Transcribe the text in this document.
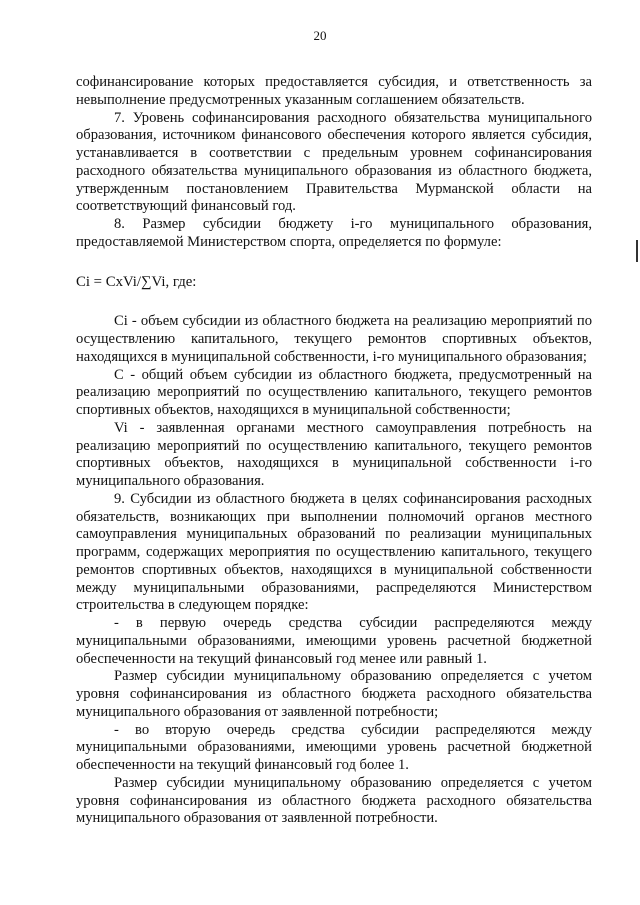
20

софинансирование которых предоставляется субсидия, и ответственность за невыполнение предусмотренных указанным соглашением обязательств.

7. Уровень софинансирования расходного обязательства муниципального образования, источником финансового обеспечения которого является субсидия, устанавливается в соответствии с предельным уровнем софинансирования расходного обязательства муниципального образования из областного бюджета, утвержденным постановлением Правительства Мурманской области на соответствующий финансовый год.

8. Размер субсидии бюджету i-го муниципального образования, предоставляемой Министерством спорта, определяется по формуле:

Ci = CxVi/∑Vi, где:

Ci - объем субсидии из областного бюджета на реализацию мероприятий по осуществлению капитального, текущего ремонтов спортивных объектов, находящихся в муниципальной собственности, i-го муниципального образования;

С - общий объем субсидии из областного бюджета, предусмотренный на реализацию мероприятий по осуществлению капитального, текущего ремонтов спортивных объектов, находящихся в муниципальной собственности;

Vi - заявленная органами местного самоуправления потребность на реализацию мероприятий по осуществлению капитального, текущего ремонтов спортивных объектов, находящихся в муниципальной собственности i-го муниципального образования.

9. Субсидии из областного бюджета в целях софинансирования расходных обязательств, возникающих при выполнении полномочий органов местного самоуправления муниципальных образований по реализации муниципальных программ, содержащих мероприятия по осуществлению капитального, текущего ремонтов спортивных объектов, находящихся в муниципальной собственности между муниципальными образованиями, распределяются Министерством строительства в следующем порядке:

- в первую очередь средства субсидии распределяются между муниципальными образованиями, имеющими уровень расчетной бюджетной обеспеченности на текущий финансовый год менее или равный 1.

Размер субсидии муниципальному образованию определяется с учетом уровня софинансирования из областного бюджета расходного обязательства муниципального образования от заявленной потребности;

- во вторую очередь средства субсидии распределяются между муниципальными образованиями, имеющими уровень расчетной бюджетной обеспеченности на текущий финансовый год более 1.

Размер субсидии муниципальному образованию определяется с учетом уровня софинансирования из областного бюджета расходного обязательства муниципального образования от заявленной потребности.
